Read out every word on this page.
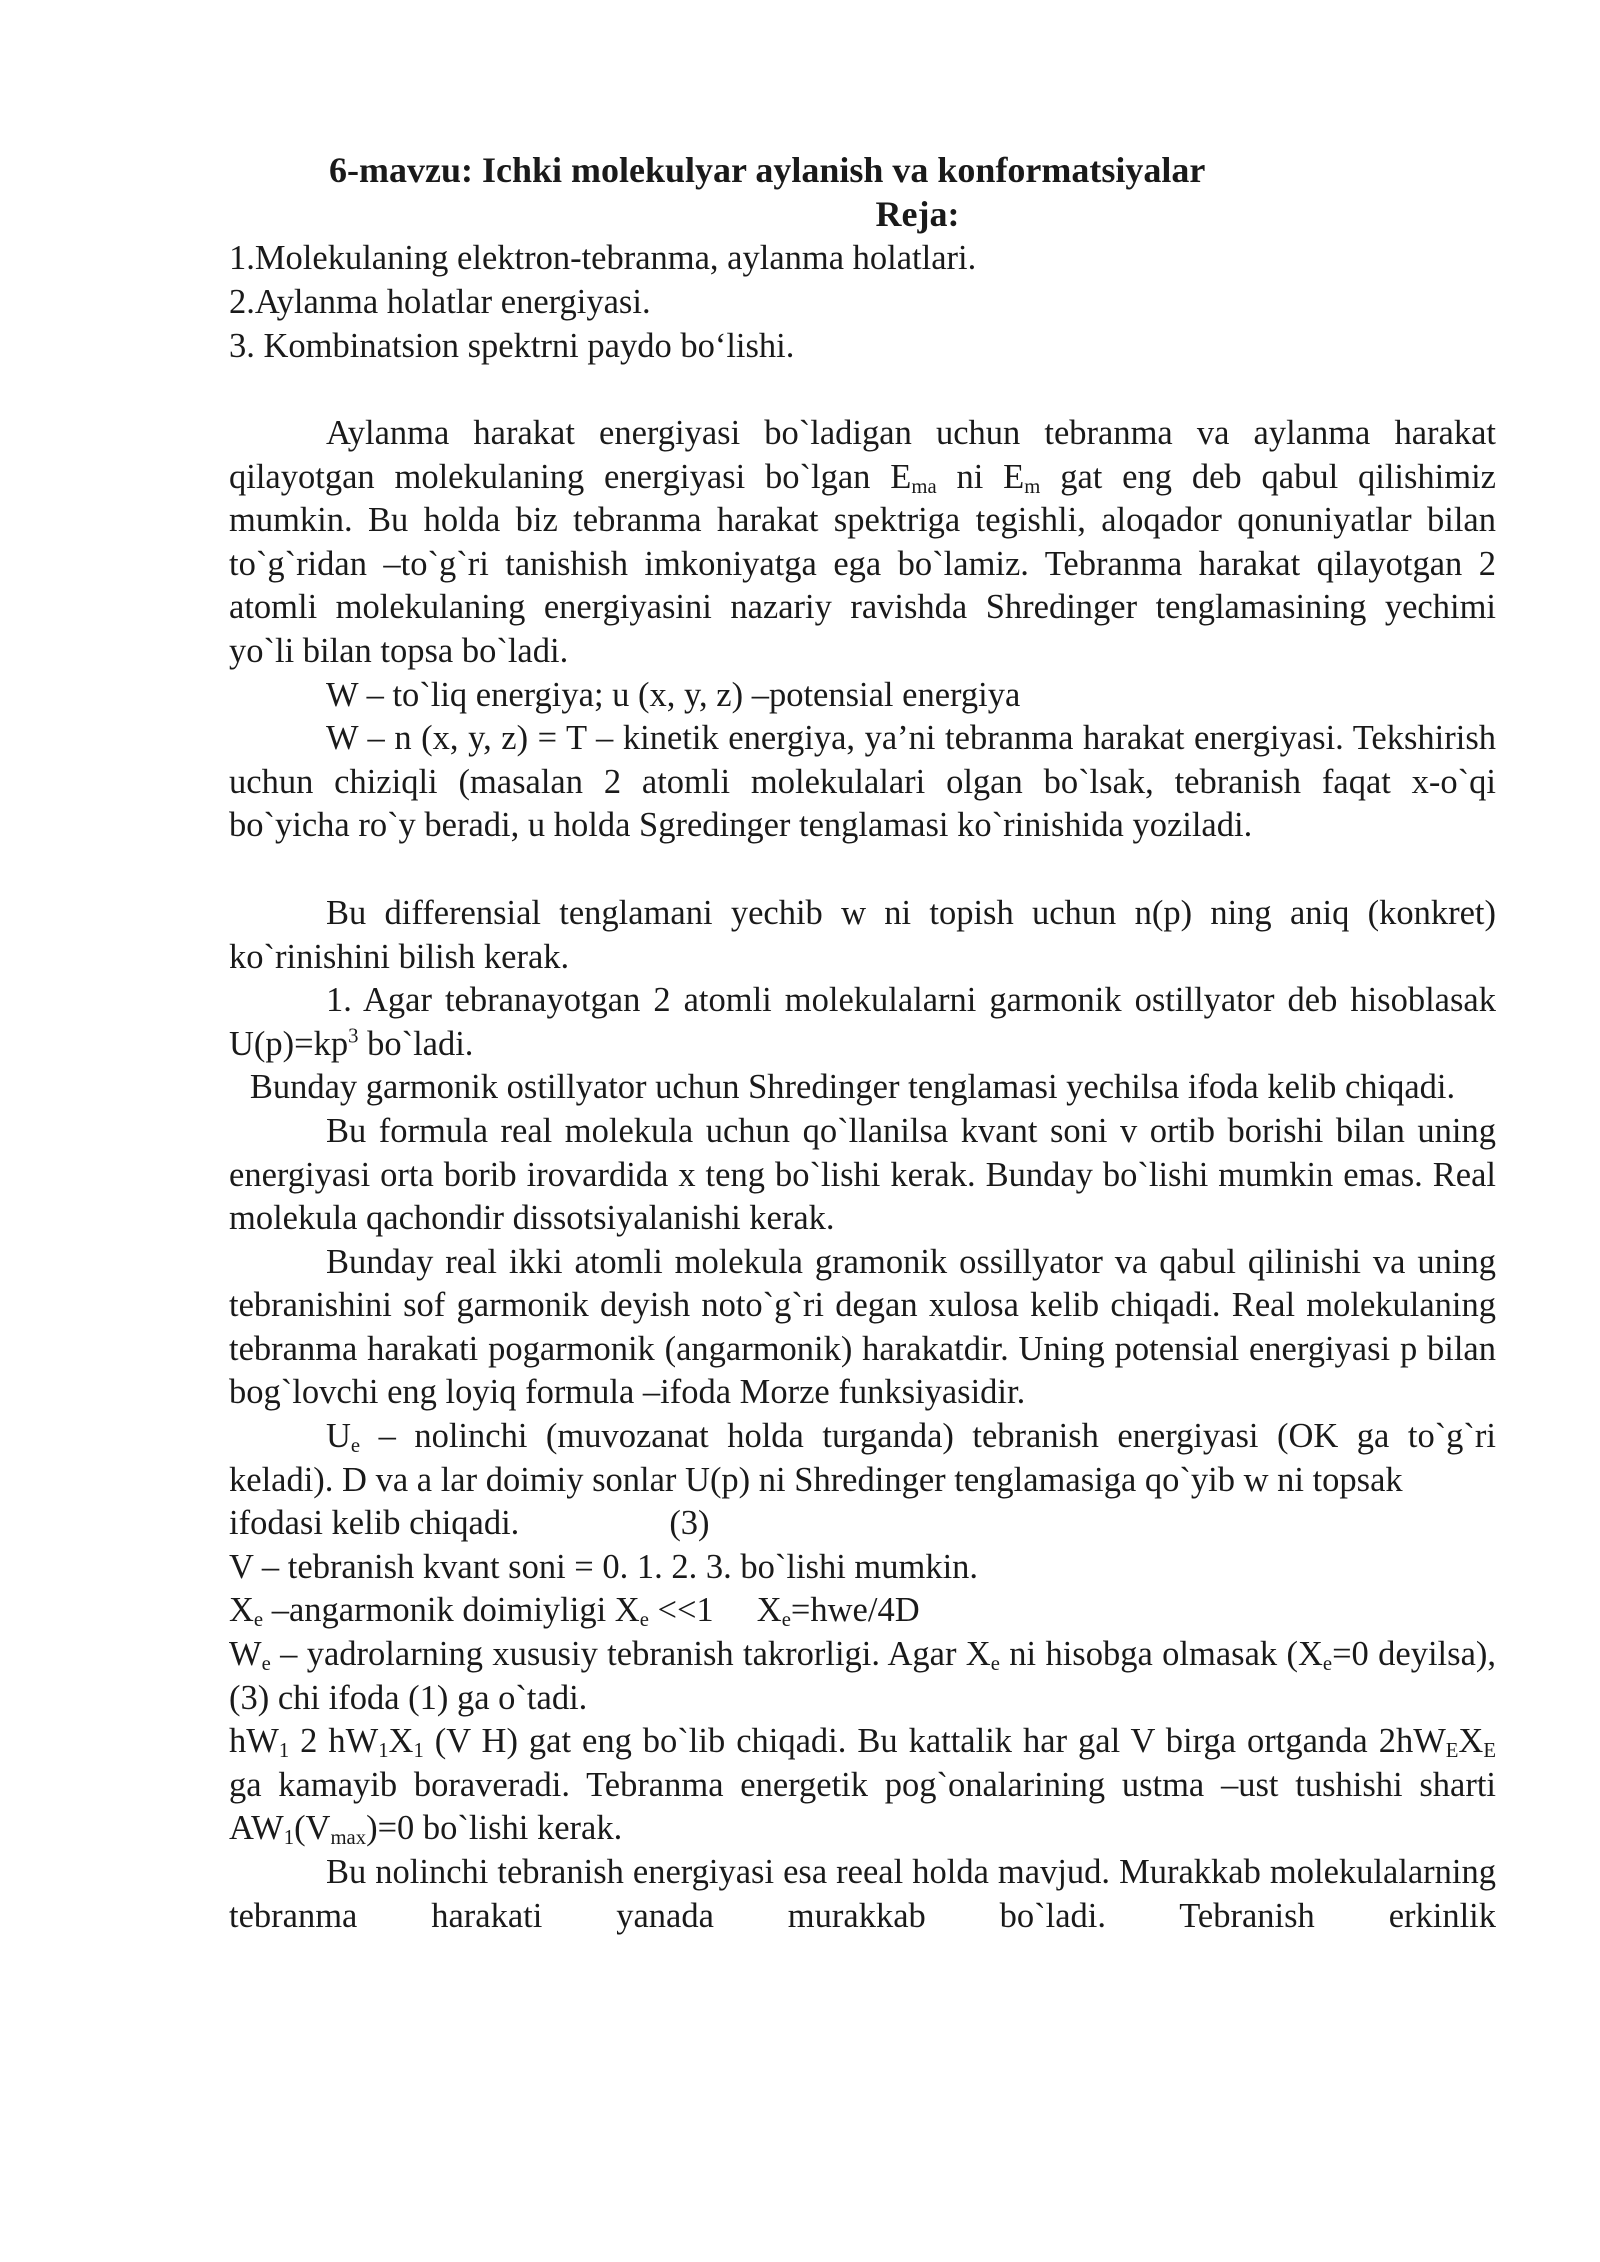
6-mavzu: Ichki molekulyar aylanish va konformatsiyalar
Reja:
1.Molekulaning elektron-tebranma, aylanma holatlari.
2.Aylanma holatlar energiyasi.
3. Kombinatsion spektrni paydo bo‘lishi.

Aylanma harakat energiyasi bo`ladigan uchun tebranma va aylanma harakat qilayotgan molekulaning energiyasi bo`lgan $E_{ma}$ ni $E_m$ gat eng deb qabul qilishimiz mumkin. Bu holda biz tebranma harakat spektriga tegishli, aloqador qonuniyatlar bilan to`g`ridan –to`g`ri tanishish imkoniyatga ega bo`lamiz. Tebranma harakat qilayotgan 2 atomli molekulaning energiyasini nazariy ravishda Shredinger tenglamasining yechimi yo`li bilan topsa bo`ladi.

W – to`liq energiya; u (x, y, z) –potensial energiya

W – n (x, y, z) = T – kinetik energiya, ya’ni tebranma harakat energiyasi. Tekshirish uchun chiziqli (masalan 2 atomli molekulalari olgan bo`lsak, tebranish faqat x-o`qi bo`yicha ro`y beradi, u holda Sgredinger tenglamasi ko`rinishida yoziladi.

Bu differensial tenglamani yechib w ni topish uchun n(p) ning aniq (konkret) ko`rinishini bilish kerak.

1. Agar tebranayotgan 2 atomli molekulalarni garmonik ostillyator deb hisoblasak $U(p)=kp^3$ bo`ladi.

Bunday garmonik ostillyator uchun Shredinger tenglamasi yechilsa ifoda kelib chiqadi.

Bu formula real molekula uchun qo`llanilsa kvant soni v ortib borishi bilan uning energiyasi orta borib irovardida x teng bo`lishi kerak. Bunday bo`lishi mumkin emas. Real molekula qachondir dissotsiyalanishi kerak.

Bunday real ikki atomli molekula gramonik ossillyator va qabul qilinishi va uning tebranishini sof garmonik deyish noto`g`ri degan xulosa kelib chiqadi. Real molekulaning tebranma harakati pogarmonik (angarmonik) harakatdir. Uning potensial energiyasi p bilan bog`lovchi eng loyiq formula –ifoda Morze funksiyasidir.

$U_e$ – nolinchi (muvozanat holda turganda) tebranish energiyasi (OK ga to`g`ri keladi). D va a lar doimiy sonlar U(p) ni Shredinger tenglamasiga qo`yib w ni topsak

ifodasi kelib chiqadi.	(3)

V – tebranish kvant soni = 0. 1. 2. 3. bo`lishi mumkin.

$X_e$ –angarmonik doimiyligi $X_e <<1$     $X_e=hwe/4D$

$W_e$ – yadrolarning xususiy tebranish takrorligi. Agar $X_e$ ni hisobga olmasak ($X_e=0$ deyilsa), (3) chi ifoda (1) ga o`tadi.

$hW_1$ 2 $hW_1X_1$ (V H) gat eng bo`lib chiqadi. Bu kattalik har gal V birga ortganda $2hW_EX_E$ ga kamayib boraveradi. Tebranma energetik pog`onalarining ustma –ust tushishi sharti $AW_1(V_{max})=0$ bo`lishi kerak.

Bu nolinchi tebranish energiyasi esa reeal holda mavjud. Murakkab molekulalarning tebranma harakati yanada murakkab bo`ladi. Tebranish erkinlik
